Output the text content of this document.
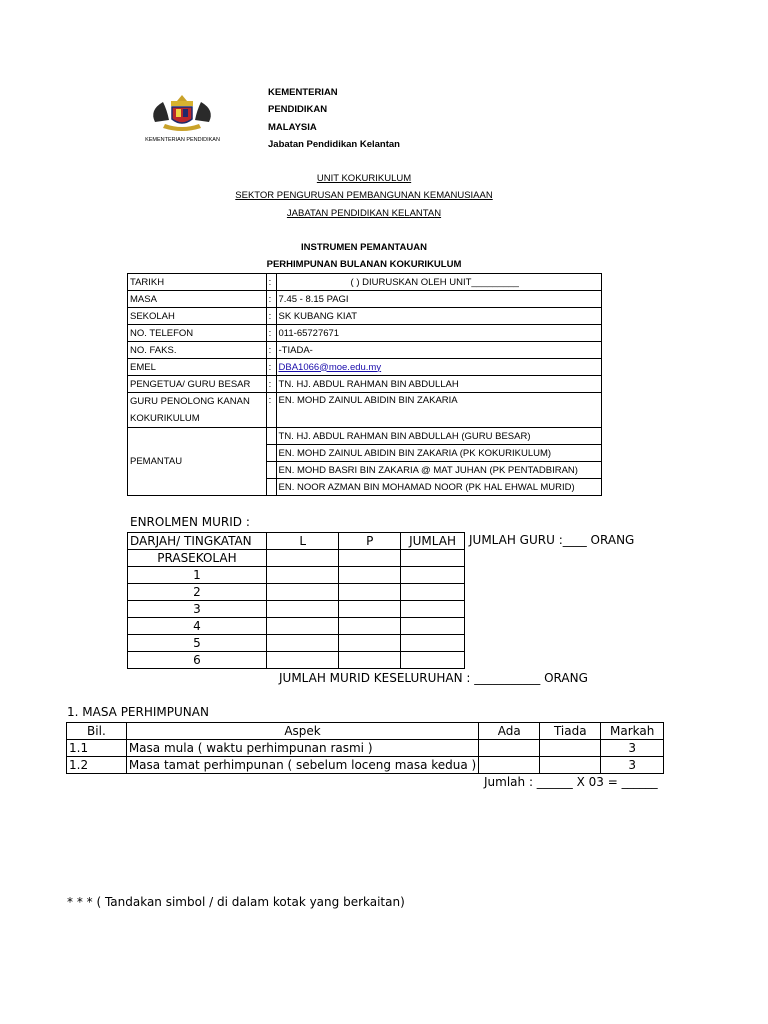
KEMENTERIAN PENDIDIKAN
KEMENTERIAN
PENDIDIKAN
MALAYSIA
Jabatan Pendidikan Kelantan
UNIT KOKURIKULUM
SEKTOR PENGURUSAN PEMBANGUNAN KEMANUSIAAN
JABATAN PENDIDIKAN KELANTAN
INSTRUMEN PEMANTAUAN
PERHIMPUNAN BULANAN KOKURIKULUM
TARIKH	:	( ) DIURUSKAN OLEH UNIT_________
MASA	:	7.45 - 8.15 PAGI
SEKOLAH	:	SK KUBANG KIAT
NO. TELEFON	:	011-65727671
NO. FAKS.	:	-TIADA-
EMEL	:	DBA1066@moe.edu.my
PENGETUA/ GURU BESAR	:	TN. HJ. ABDUL RAHMAN BIN ABDULLAH

GURU PENOLONG KANAN
KOKURIKULUM	:	EN. MOHD ZAINUL ABIDIN BIN ZAKARIA
PEMANTAU		TN. HJ. ABDUL RAHMAN BIN ABDULLAH (GURU BESAR)
		EN. MOHD ZAINUL ABIDIN BIN ZAKARIA (PK KOKURIKULUM)
		EN. MOHD BASRI BIN ZAKARIA @ MAT JUHAN (PK PENTADBIRAN)
		EN. NOOR AZMAN BIN MOHAMAD NOOR (PK HAL EHWAL MURID)
ENROLMEN MURID :
DARJAH/ TINGKATAN	L	P	JUMLAH
PRASEKOLAH			
1			
2			
3			
4			
5			
6			
JUMLAH GURU :____ ORANG
JUMLAH MURID KESELURUHAN : ___________ ORANG
1. MASA PERHIMPUNAN
Bil.	Aspek	Ada	Tiada	Markah
1.1	Masa mula ( waktu perhimpunan rasmi )			3
1.2	Masa tamat perhimpunan ( sebelum loceng masa kedua )			3
Jumlah : ______ X 03 = ______
* * * ( Tandakan simbol / di dalam kotak yang berkaitan)
